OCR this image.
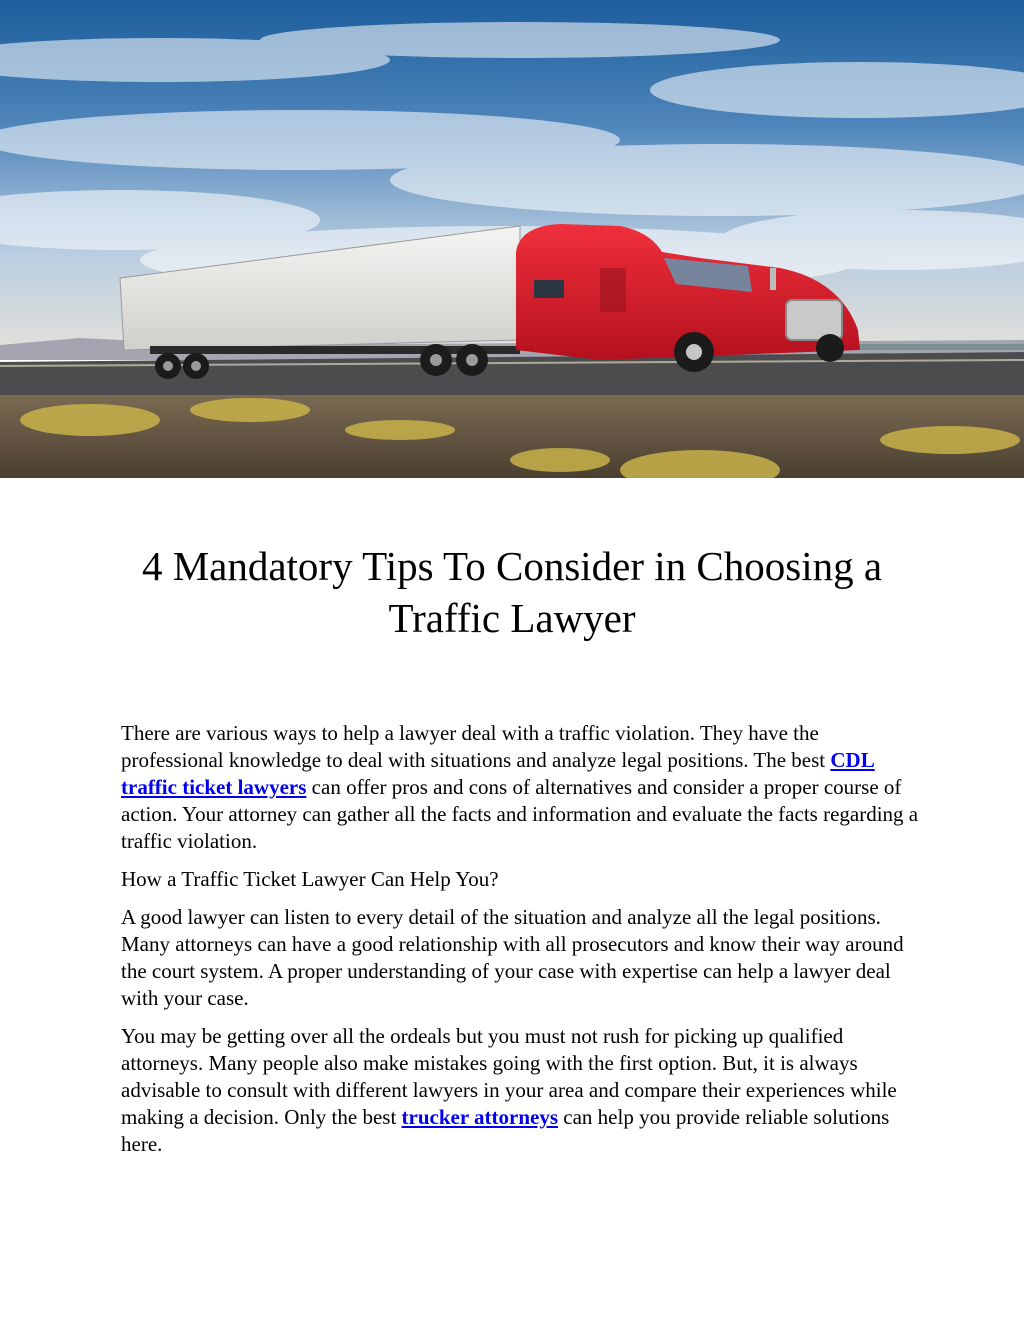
4 Mandatory Tips To Consider in Choosing a Traffic Lawyer

There are various ways to help a lawyer deal with a traffic violation. They have the professional knowledge to deal with situations and analyze legal positions. The best CDL traffic ticket lawyers can offer pros and cons of alternatives and consider a proper course of action. Your attorney can gather all the facts and information and evaluate the facts regarding a traffic violation.

How a Traffic Ticket Lawyer Can Help You?

A good lawyer can listen to every detail of the situation and analyze all the legal positions. Many attorneys can have a good relationship with all prosecutors and know their way around the court system. A proper understanding of your case with expertise can help a lawyer deal with your case.

You may be getting over all the ordeals but you must not rush for picking up qualified attorneys. Many people also make mistakes going with the first option. But, it is always advisable to consult with different lawyers in your area and compare their experiences while making a decision. Only the best trucker attorneys can help you provide reliable solutions here.
